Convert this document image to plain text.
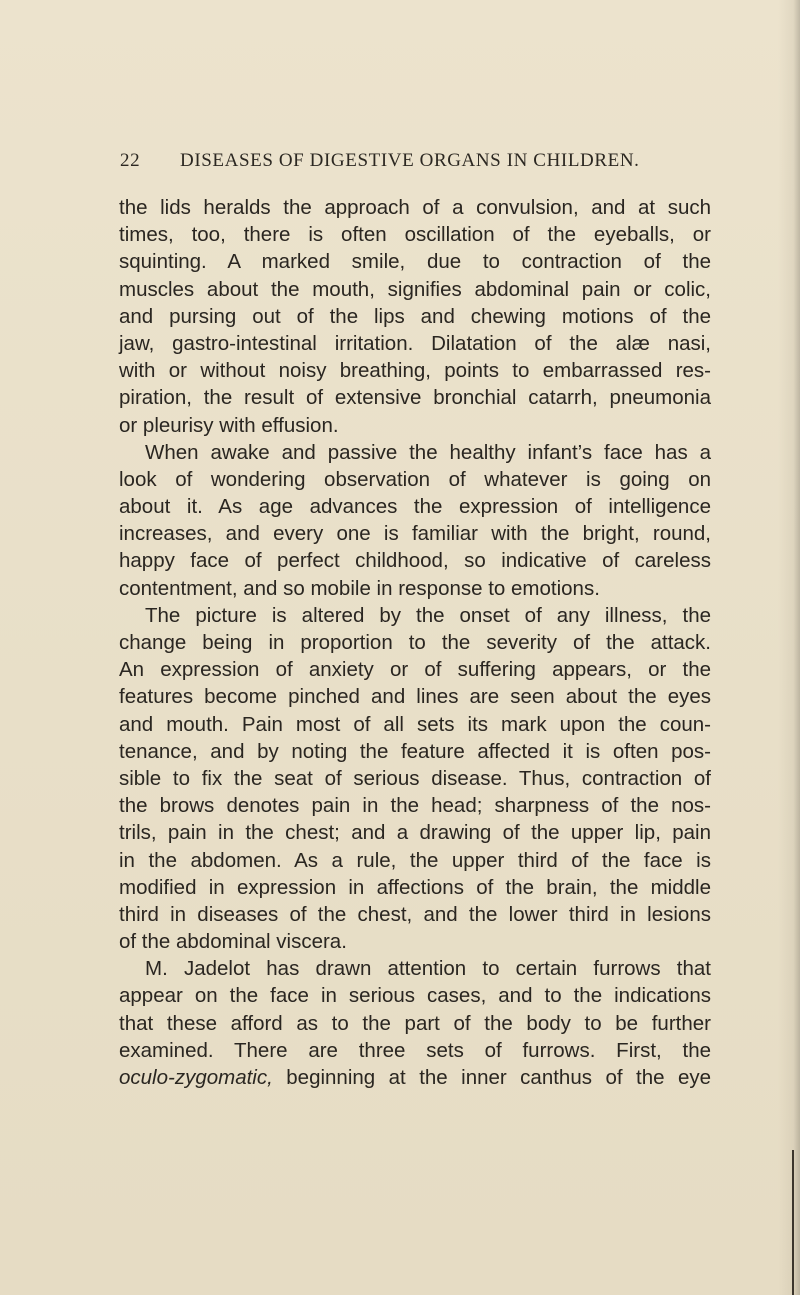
22 DISEASES OF DIGESTIVE ORGANS IN CHILDREN.
the lids heralds the approach of a convulsion, and at such
times, too, there is often oscillation of the eyeballs, or
squinting. A marked smile, due to contraction of the
muscles about the mouth, signifies abdominal pain or colic,
and pursing out of the lips and chewing motions of the
jaw, gastro-intestinal irritation. Dilatation of the alæ nasi,
with or without noisy breathing, points to embarrassed res-
piration, the result of extensive bronchial catarrh, pneumonia
or pleurisy with effusion.
When awake and passive the healthy infant’s face has a
look of wondering observation of whatever is going on
about it. As age advances the expression of intelligence
increases, and every one is familiar with the bright, round,
happy face of perfect childhood, so indicative of careless
contentment, and so mobile in response to emotions.
The picture is altered by the onset of any illness, the
change being in proportion to the severity of the attack.
An expression of anxiety or of suffering appears, or the
features become pinched and lines are seen about the eyes
and mouth. Pain most of all sets its mark upon the coun-
tenance, and by noting the feature affected it is often pos-
sible to fix the seat of serious disease. Thus, contraction of
the brows denotes pain in the head; sharpness of the nos-
trils, pain in the chest; and a drawing of the upper lip, pain
in the abdomen. As a rule, the upper third of the face is
modified in expression in affections of the brain, the middle
third in diseases of the chest, and the lower third in lesions
of the abdominal viscera.
M. Jadelot has drawn attention to certain furrows that
appear on the face in serious cases, and to the indications
that these afford as to the part of the body to be further
examined. There are three sets of furrows. First, the
oculo-zygomatic, beginning at the inner canthus of the eye
